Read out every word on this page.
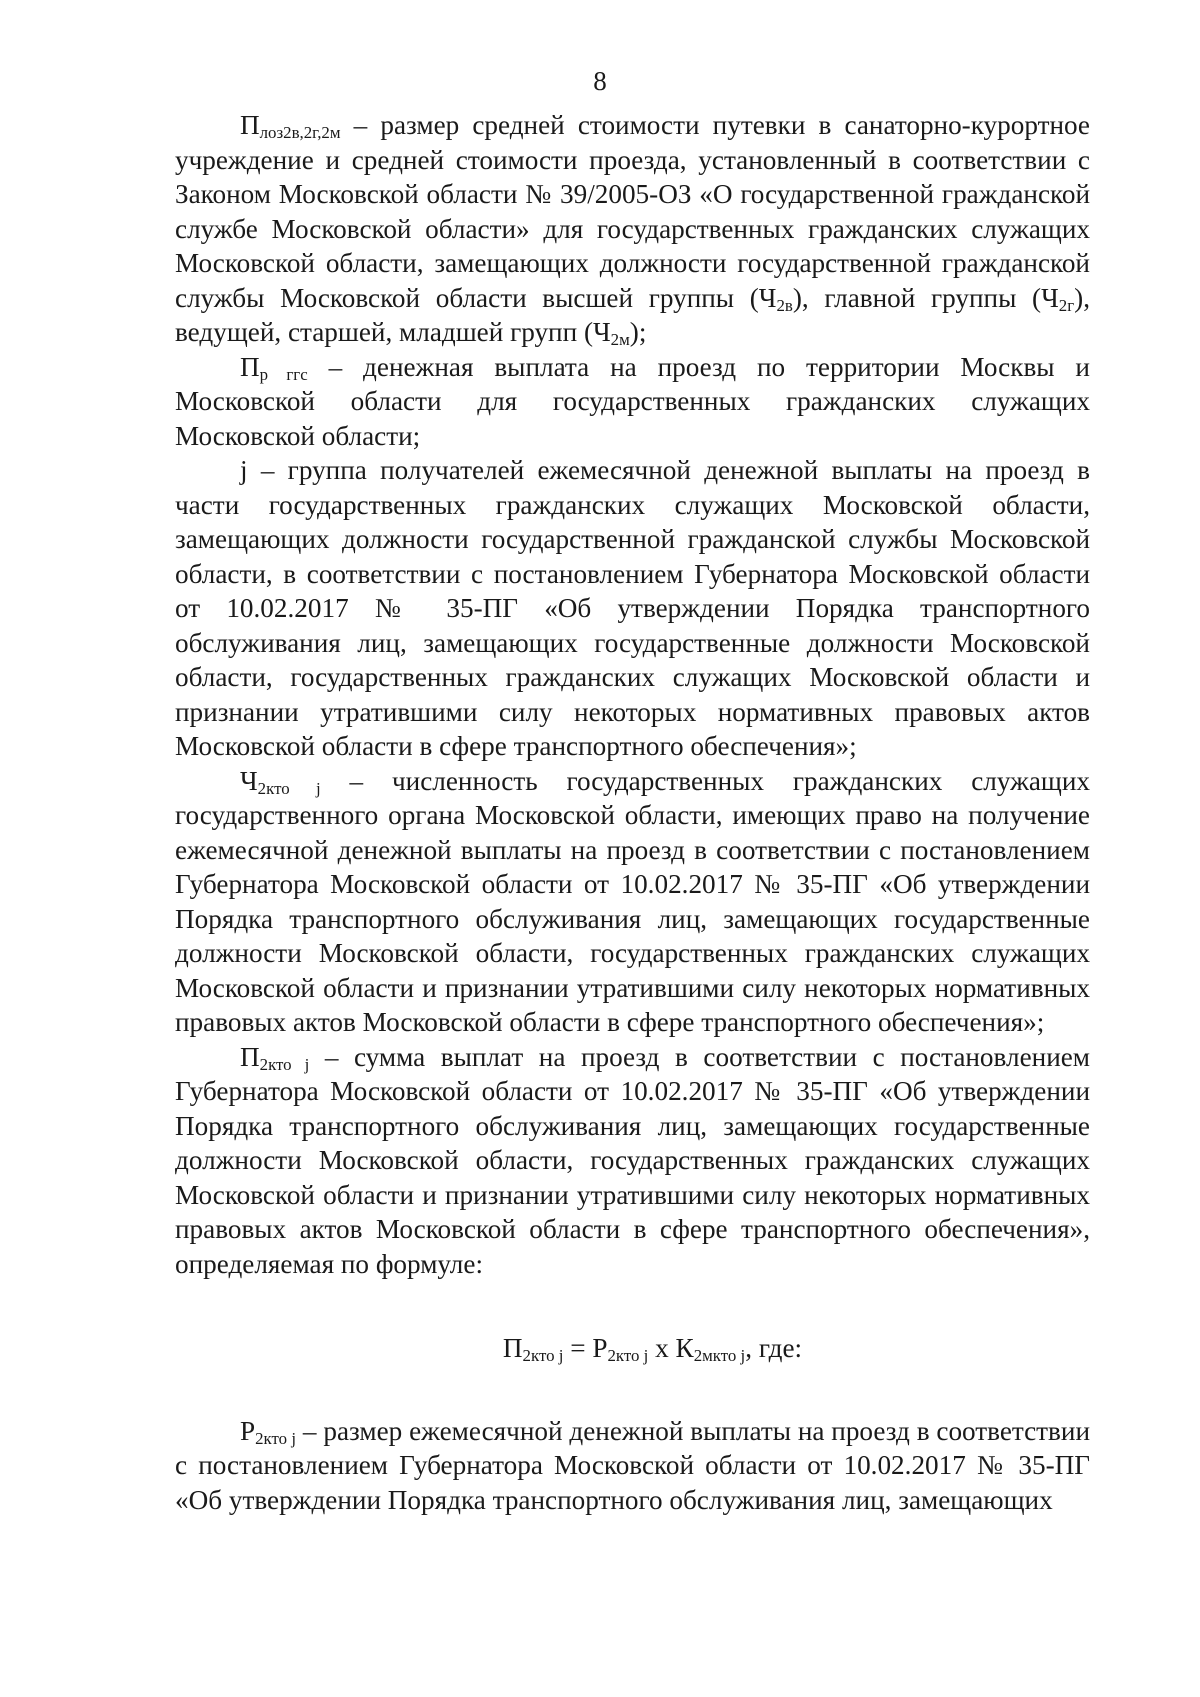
8

$П_{лоз2в,2г,2м}$ – размер средней стоимости путевки в санаторно-курортное учреждение и средней стоимости проезда, установленный в соответствии с Законом Московской области № 39/2005-ОЗ «О государственной гражданской службе Московской области» для государственных гражданских служащих Московской области, замещающих должности государственной гражданской службы Московской области высшей группы $(Ч_{2в})$, главной группы $(Ч_{2г})$, ведущей, старшей, младшей групп $(Ч_{2м})$;

$П_{р ггс}$ – денежная выплата на проезд по территории Москвы и Московской области для государственных гражданских служащих Московской области;

j – группа получателей ежемесячной денежной выплаты на проезд в части государственных гражданских служащих Московской области, замещающих должности государственной гражданской службы Московской области, в соответствии с постановлением Губернатора Московской области от 10.02.2017 № 35-ПГ «Об утверждении Порядка транспортного обслуживания лиц, замещающих государственные должности Московской области, государственных гражданских служащих Московской области и признании утратившими силу некоторых нормативных правовых актов Московской области в сфере транспортного обеспечения»;

$Ч_{2кто j}$ – численность государственных гражданских служащих государственного органа Московской области, имеющих право на получение ежемесячной денежной выплаты на проезд в соответствии с постановлением Губернатора Московской области от 10.02.2017 № 35-ПГ «Об утверждении Порядка транспортного обслуживания лиц, замещающих государственные должности Московской области, государственных гражданских служащих Московской области и признании утратившими силу некоторых нормативных правовых актов Московской области в сфере транспортного обеспечения»;

$П_{2кто j}$ – сумма выплат на проезд в соответствии с постановлением Губернатора Московской области от 10.02.2017 № 35-ПГ «Об утверждении Порядка транспортного обслуживания лиц, замещающих государственные должности Московской области, государственных гражданских служащих Московской области и признании утратившими силу некоторых нормативных правовых актов Московской области в сфере транспортного обеспечения», определяемая по формуле:

$П_{2кто j} = Р_{2кто j}$ х $К_{2мкто j}$, где:

$Р_{2кто j}$ – размер ежемесячной денежной выплаты на проезд в соответствии с постановлением Губернатора Московской области от 10.02.2017 № 35-ПГ «Об утверждении Порядка транспортного обслуживания лиц, замещающих
